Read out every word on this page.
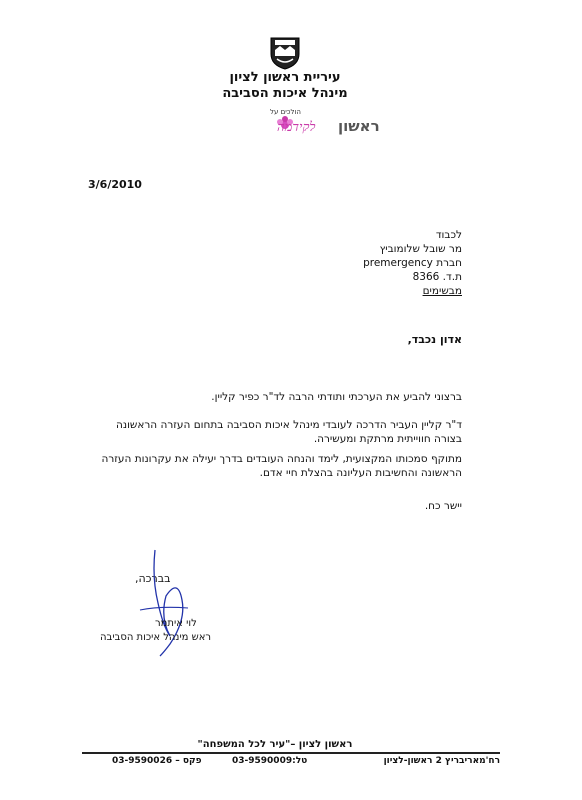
עיריית ראשון לציון
מינהל איכות הסביבה
הולכים על
ראשון
לקידמה
3/6/2010
לכבוד
מר שובל שלומוביץ
חברת premergency
ת.ד. 8366
מבשימים
אדון נכבד,
ברצוני להביע את הערכתי ותודתי הרבה לד"ר כפיר קליין.
ד"ר קליין העביר הדרכה לעובדי מינהל איכות הסביבה בתחום העזרה הראשונה בצורה חווייתית מרתקת ומעשירה.
מתוקף סמכותו המקצועית, לימד והנחה העובדים בדרך יעילה את עקרונות העזרה הראשונה והחשיבות העליונה בהצלת חיי אדם.
יישר כח.
בברכה,
לוי איתמר
ראש מינהל איכות הסביבה
ראשון לציון –"עיר לכל המשפחה"
רח'מאריבריץ 2 ראשון-לציון
טל:03-9590009
פקס – 03-9590026
